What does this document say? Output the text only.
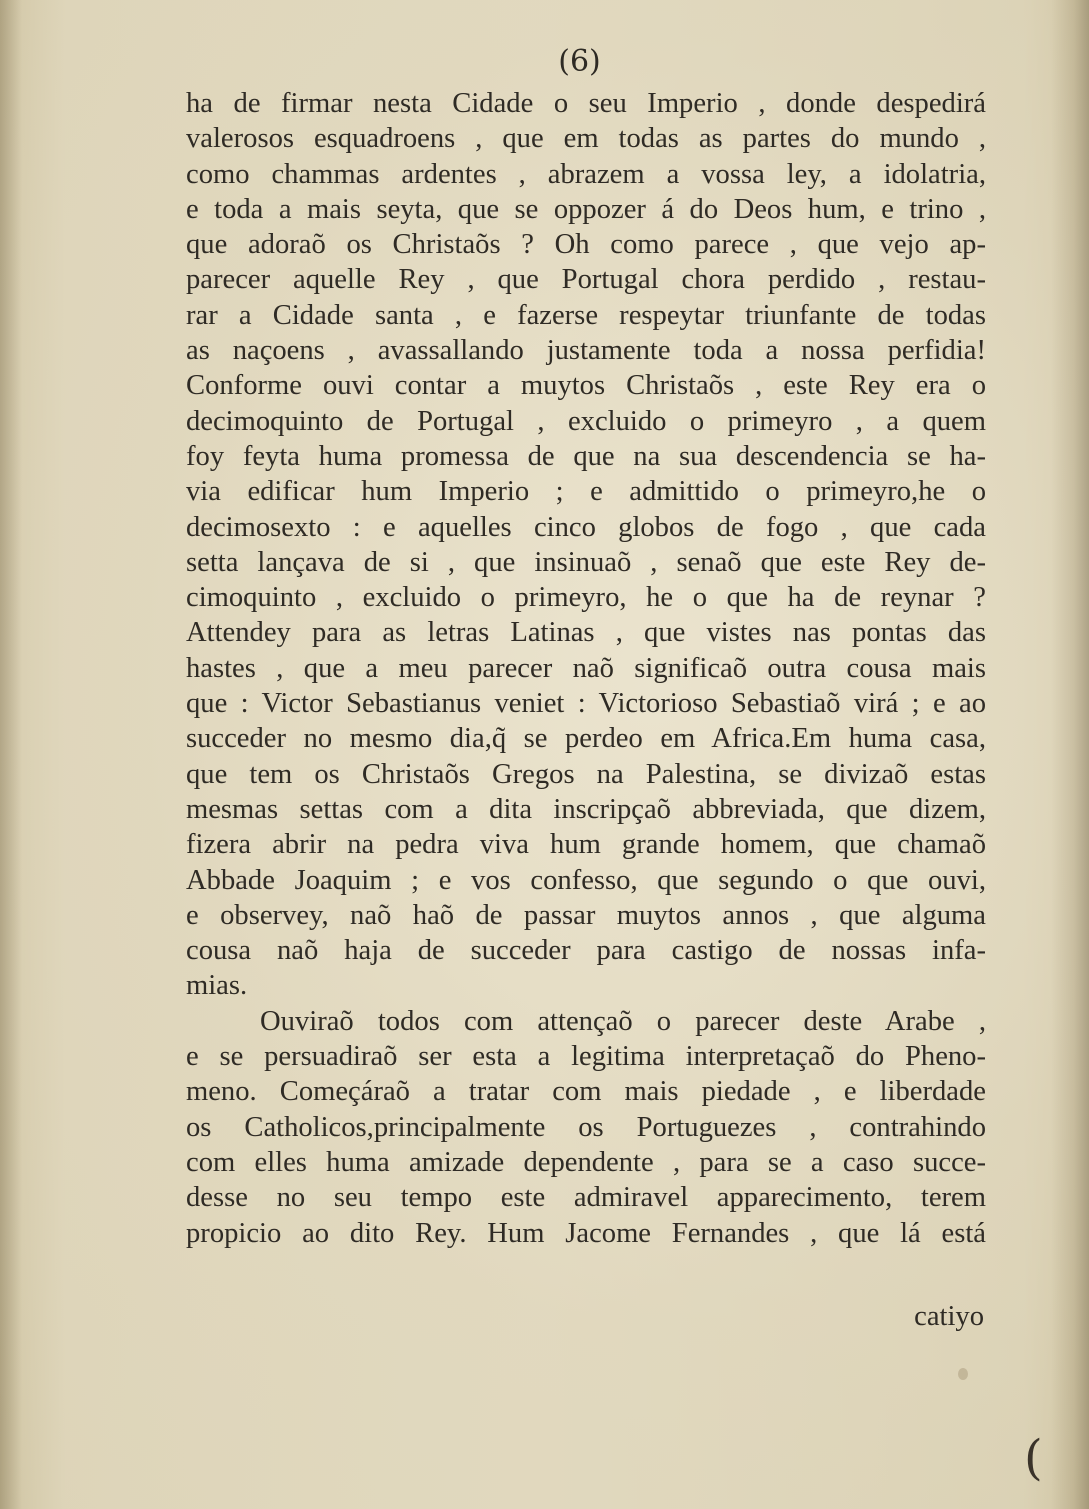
(6)
ha de firmar nesta Cidade o seu Imperio , donde despedirá
valerosos esquadroens , que em todas as partes do mundo ,
como chammas ardentes , abrazem a vossa ley, a idolatria,
e toda a mais seyta, que se oppozer á do Deos hum, e trino ,
que adoraõ os Christaõs ? Oh como parece , que vejo ap-
parecer aquelle Rey , que Portugal chora perdido , restau-
rar a Cidade santa , e fazerse respeytar triunfante de todas
as naçoens , avassallando justamente toda a nossa perfidia!
Conforme ouvi contar a muytos Christaõs , este Rey era o
decimoquinto de Portugal , excluido o primeyro , a quem
foy feyta huma promessa de que na sua descendencia se ha-
via edificar hum Imperio ; e admittido o primeyro,he o
decimosexto : e aquelles cinco globos de fogo , que cada
setta lançava de si , que insinuaõ , senaõ que este Rey de-
cimoquinto , excluido o primeyro, he o que ha de reynar ?
Attendey para as letras Latinas , que vistes nas pontas das
hastes , que a meu parecer naõ significaõ outra cousa mais
que : Victor Sebastianus veniet : Victorioso Sebastiaõ virá ; e ao
succeder no mesmo dia,q̃ se perdeo em Africa.Em huma casa,
que tem os Christaõs Gregos na Palestina, se divizaõ estas
mesmas settas com a dita inscripçaõ abbreviada, que dizem,
fizera abrir na pedra viva hum grande homem, que chamaõ
Abbade Joaquim ; e vos confesso, que segundo o que ouvi,
e observey, naõ haõ de passar muytos annos , que alguma
cousa naõ haja de succeder para castigo de nossas infa-
mias.
Ouviraõ todos com attençaõ o parecer deste Arabe ,
e se persuadiraõ ser esta a legitima interpretaçaõ do Pheno-
meno. Começáraõ a tratar com mais piedade , e liberdade
os Catholicos,principalmente os Portuguezes , contrahindo
com elles huma amizade dependente , para se a caso succe-
desse no seu tempo este admiravel apparecimento, terem
propicio ao dito Rey. Hum Jacome Fernandes , que lá está
catiyo
(
